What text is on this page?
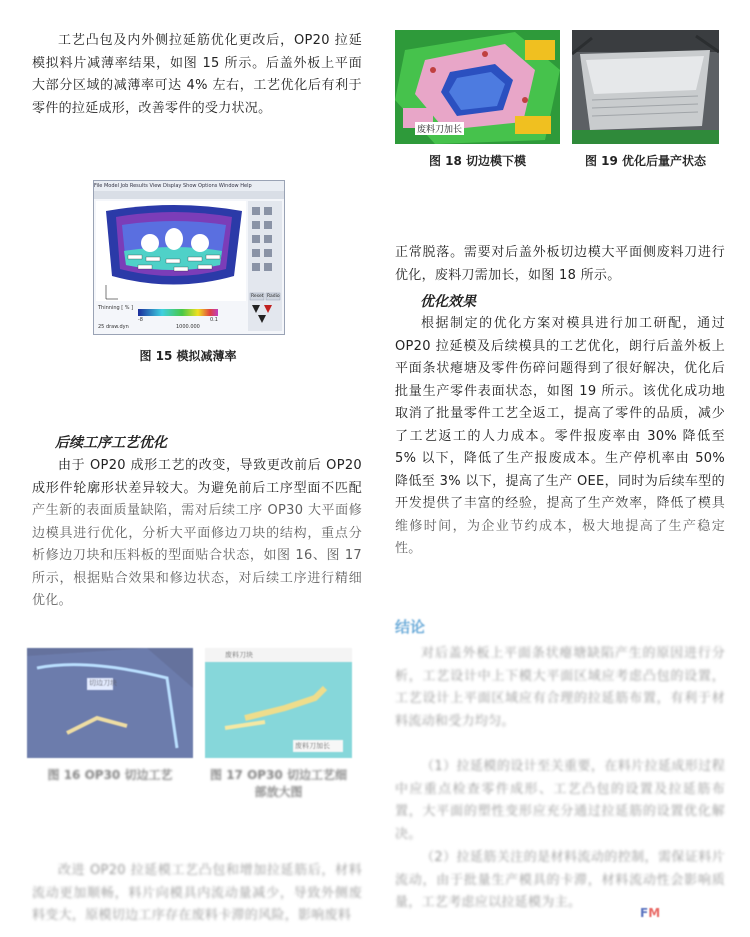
工艺凸包及内外侧拉延筋优化更改后，OP20 拉延模拟料片减薄率结果，如图 15 所示。后盖外板上平面大部分区域的减薄率可达 4% 左右，工艺优化后有利于零件的拉延成形，改善零件的受力状况。

File Model Job Results View Display Show Options Window Help
Thinning [ % ]
-8	0.1
25 draw.dyn	1000.000
Reset Radio

图 15 模拟减薄率

后续工序工艺优化

由于 OP20 成形工艺的改变，导致更改前后 OP20 成形件轮廓形状差异较大。为避免前后工序型面不匹配产生新的表面质量缺陷，需对后续工序 OP30 大平面修边模具进行优化，分析大平面修边刀块的结构，重点分析修边刀块和压料板的型面贴合状态，如图 16、图 17 所示，根据贴合效果和修边状态，对后续工序进行精细优化。

切边刀块
废料刀块
废料刀加长

图 16 OP30 切边工艺	图 17 OP30 切边工艺细部放大图

改进 OP20 拉延模工艺凸包和增加拉延筋后，材料流动更加顺畅，料片向模具内流动量减少，导致外侧废料变大，原模切边工序存在废料卡滞的风险，影响废料

废料刀加长

图 18 切边模下模	图 19 优化后量产状态

正常脱落。需要对后盖外板切边模大平面侧废料刀进行优化，废料刀需加长，如图 18 所示。

优化效果

根据制定的优化方案对模具进行加工研配，通过 OP20 拉延模及后续模具的工艺优化，朗行后盖外板上平面条状瘪塘及零件伤碎问题得到了很好解决，优化后批量生产零件表面状态，如图 19 所示。该优化成功地取消了批量零件工艺全返工，提高了零件的品质，减少了工艺返工的人力成本。零件报废率由 30% 降低至 5% 以下，降低了生产报废成本。生产停机率由 50% 降低至 3% 以下，提高了生产 OEE，同时为后续车型的开发提供了丰富的经验，提高了生产效率，降低了模具维修时间，为企业节约成本，极大地提高了生产稳定性。

结论

对后盖外板上平面条状瘪塘缺陷产生的原因进行分析，工艺设计中上下模大平面区域应考虑凸包的设置，工艺设计上平面区域应有合理的拉延筋布置，有利于材料流动和受力均匀。

（1）拉延模的设计至关重要，在料片拉延成形过程中应重点检查零件成形、工艺凸包的设置及拉延筋布置，大平面的塑性变形应充分通过拉延筋的设置优化解决。

（2）拉延筋关注的是材料流动的控制，需保证料片流动，由于批量生产模具的卡滞，材料流动性会影响质量，工艺考虑应以拉延模为主。

FM
